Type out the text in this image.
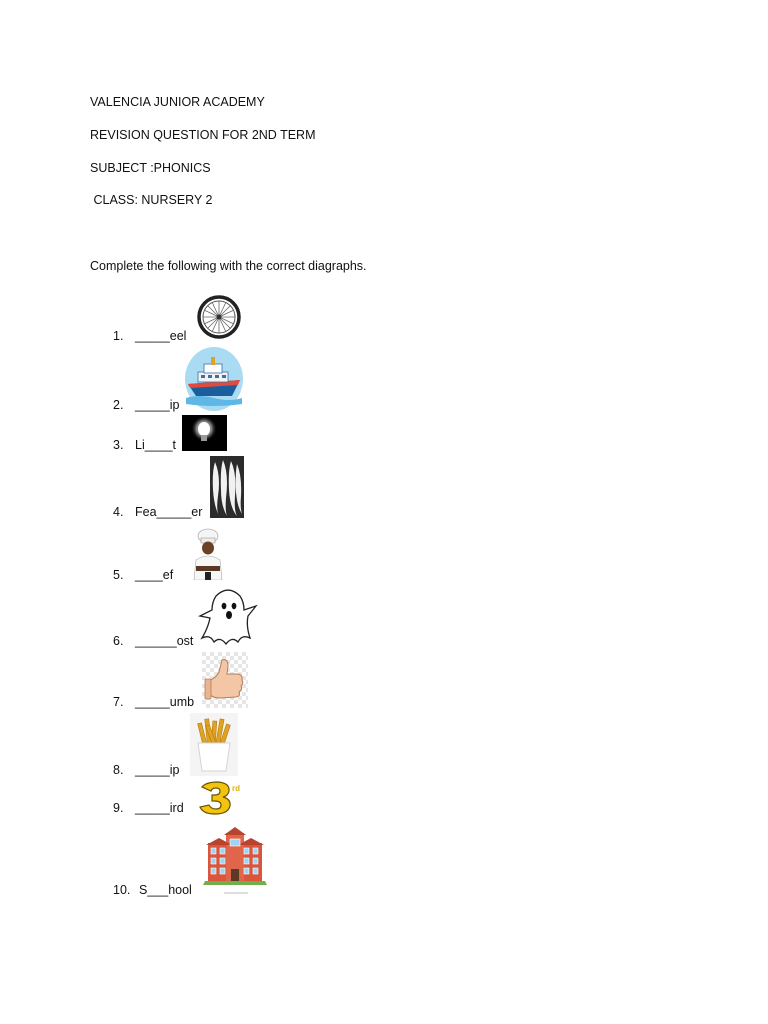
VALENCIA JUNIOR ACADEMY
REVISION QUESTION FOR 2ND TERM
SUBJECT :PHONICS
CLASS: NURSERY 2
Complete the following with the correct diagraphs.
1. _____eel
2. _____ip
3. Li____t
4. Fea_____er
5. ____ef
6. ______ost
7. _____umb
8. _____ip
9. _____ird
rd
10. S___hool
